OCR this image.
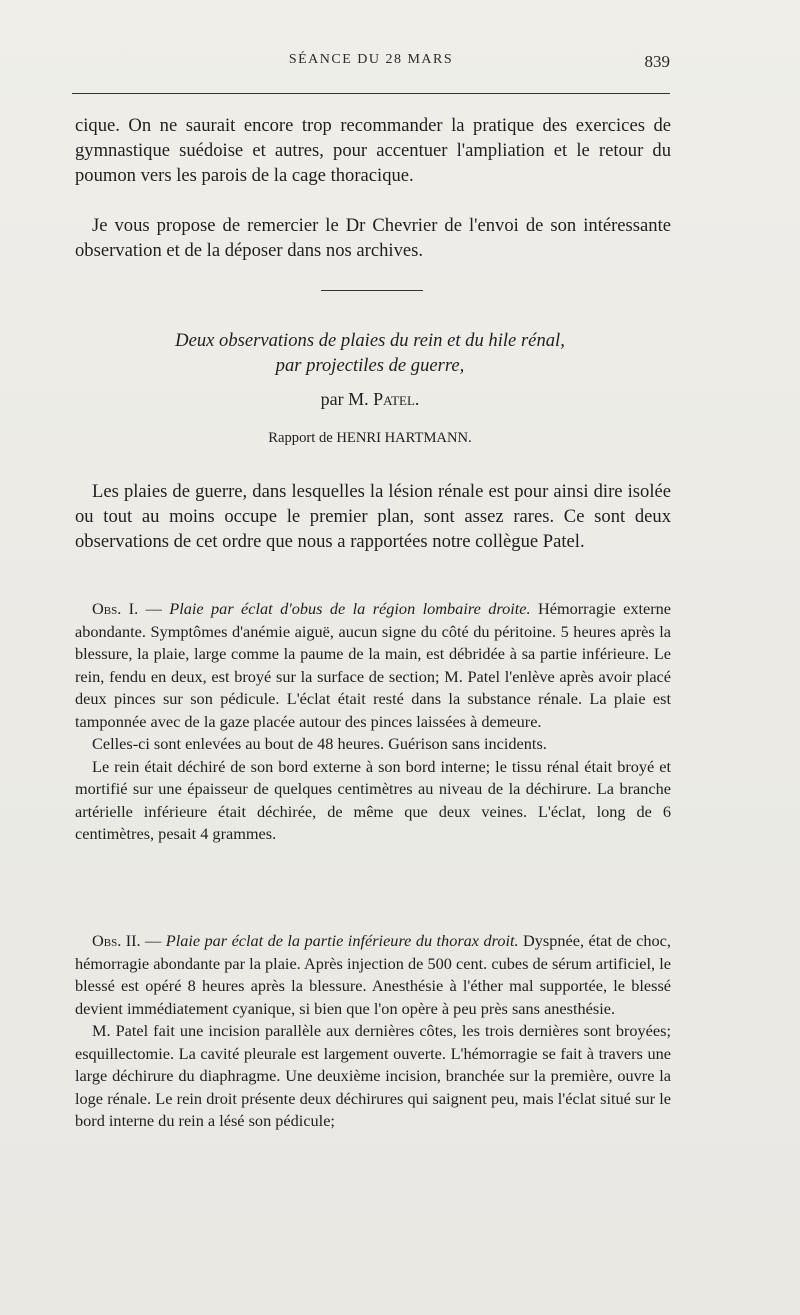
SÉANCE DU 28 MARS	839

cique. On ne saurait encore trop recommander la pratique des exercices de gymnastique suédoise et autres, pour accentuer l'ampliation et le retour du poumon vers les parois de la cage thoracique.

Je vous propose de remercier le Dr Chevrier de l'envoi de son intéressante observation et de la déposer dans nos archives.

Deux observations de plaies du rein et du hile rénal,
par projectiles de guerre,
par M. Patel.
Rapport de HENRI HARTMANN.

Les plaies de guerre, dans lesquelles la lésion rénale est pour ainsi dire isolée ou tout au moins occupe le premier plan, sont assez rares. Ce sont deux observations de cet ordre que nous a rapportées notre collègue Patel.

Obs. I. — Plaie par éclat d'obus de la région lombaire droite. Hémorragie externe abondante. Symptômes d'anémie aiguë, aucun signe du côté du péritoine. 5 heures après la blessure, la plaie, large comme la paume de la main, est débridée à sa partie inférieure. Le rein, fendu en deux, est broyé sur la surface de section; M. Patel l'enlève après avoir placé deux pinces sur son pédicule. L'éclat était resté dans la substance rénale. La plaie est tamponnée avec de la gaze placée autour des pinces laissées à demeure.

Celles-ci sont enlevées au bout de 48 heures. Guérison sans incidents.

Le rein était déchiré de son bord externe à son bord interne; le tissu rénal était broyé et mortifié sur une épaisseur de quelques centimètres au niveau de la déchirure. La branche artérielle inférieure était déchirée, de même que deux veines. L'éclat, long de 6 centimètres, pesait 4 grammes.

Obs. II. — Plaie par éclat de la partie inférieure du thorax droit. Dyspnée, état de choc, hémorragie abondante par la plaie. Après injection de 500 cent. cubes de sérum artificiel, le blessé est opéré 8 heures après la blessure. Anesthésie à l'éther mal supportée, le blessé devient immédiatement cyanique, si bien que l'on opère à peu près sans anesthésie.

M. Patel fait une incision parallèle aux dernières côtes, les trois dernières sont broyées; esquillectomie. La cavité pleurale est largement ouverte. L'hémorragie se fait à travers une large déchirure du diaphragme. Une deuxième incision, branchée sur la première, ouvre la loge rénale. Le rein droit présente deux déchirures qui saignent peu, mais l'éclat situé sur le bord interne du rein a lésé son pédicule;
